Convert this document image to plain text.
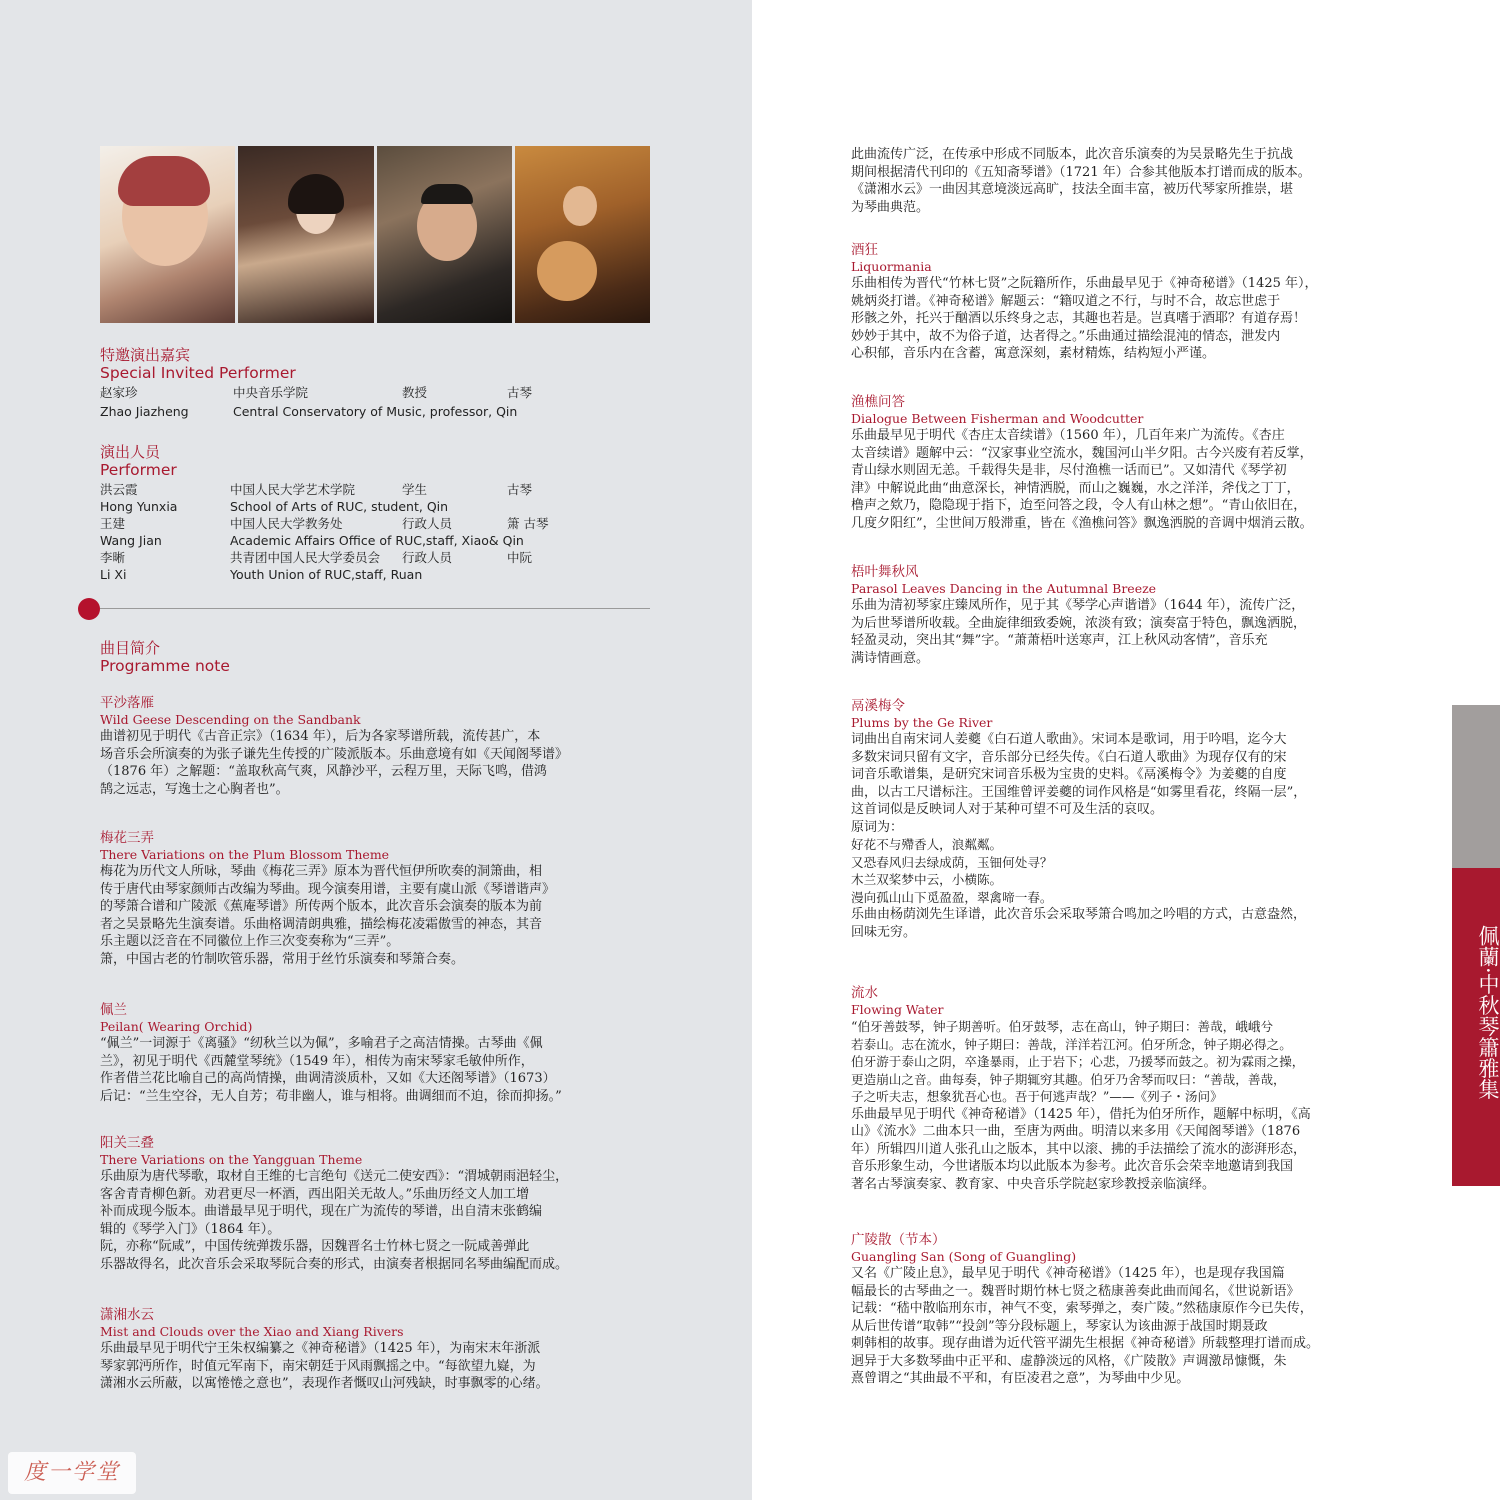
特邀演出嘉宾
Special Invited Performer
赵家珍	中央音乐学院	教授	古琴
Zhao Jiazheng	Central Conservatory of Music, professor, Qin
演出人员
Performer
洪云霞	中国人民大学艺术学院	学生	古琴
Hong Yunxia	School of Arts of RUC, student, Qin
王建	中国人民大学教务处	行政人员	箫 古琴
Wang Jian	Academic Affairs Office of RUC,staff, Xiao& Qin
李晰	共青团中国人民大学委员会 行政人员	中阮
Li Xi	Youth Union of RUC,staff, Ruan
曲目简介
Programme note
平沙落雁
Wild Geese Descending on the Sandbank
曲谱初见于明代《古音正宗》（1634 年），后为各家琴谱所载，流传甚广，本
场音乐会所演奏的为张子谦先生传授的广陵派版本。乐曲意境有如《天闻阁琴谱》
（1876 年）之解题：“盖取秋高气爽，风静沙平，云程万里，天际飞鸣，借鸿
鹄之远志，写逸士之心胸者也”。
梅花三弄
There Variations on the Plum Blossom Theme
梅花为历代文人所咏，琴曲《梅花三弄》原本为晋代恒伊所吹奏的洞箫曲，相
传于唐代由琴家颜师古改编为琴曲。现今演奏用谱，主要有虞山派《琴谱谐声》
的琴箫合谱和广陵派《蕉庵琴谱》所传两个版本，此次音乐会演奏的版本为前
者之吴景略先生演奏谱。乐曲格调清朗典雅，描绘梅花凌霜傲雪的神态，其音
乐主题以泛音在不同徽位上作三次变奏称为“三弄”。
箫，中国古老的竹制吹管乐器，常用于丝竹乐演奏和琴箫合奏。
佩兰
Peilan( Wearing Orchid)
“佩兰”一词源于《离骚》“纫秋兰以为佩”，多喻君子之高洁情操。古琴曲《佩
兰》，初见于明代《西麓堂琴统》（1549 年），相传为南宋琴家毛敏仲所作，
作者借兰花比喻自己的高尚情操，曲调清淡质朴，又如《大还阁琴谱》（1673）
后记：“兰生空谷，无人自芳；苟非幽人，谁与相将。曲调细而不迫，徐而抑扬。”
阳关三叠
There Variations on the Yangguan Theme
乐曲原为唐代琴歌，取材自王维的七言绝句《送元二使安西》：“渭城朝雨浥轻尘，
客舍青青柳色新。劝君更尽一杯酒，西出阳关无故人。”乐曲历经文人加工增
补而成现今版本。曲谱最早见于明代，现在广为流传的琴谱，出自清末张鹤编
辑的《琴学入门》（1864 年）。
阮，亦称“阮咸”，中国传统弹拨乐器，因魏晋名士竹林七贤之一阮咸善弹此
乐器故得名，此次音乐会采取琴阮合奏的形式，由演奏者根据同名琴曲编配而成。
潇湘水云
Mist and Clouds over the Xiao and Xiang Rivers
乐曲最早见于明代宁王朱权编纂之《神奇秘谱》（1425 年），为南宋末年浙派
琴家郭沔所作，时值元军南下，南宋朝廷于风雨飘摇之中。“每欲望九嶷，为
潇湘水云所蔽，以寓惓惓之意也”，表现作者慨叹山河残缺，时事飘零的心绪。
此曲流传广泛，在传承中形成不同版本，此次音乐演奏的为吴景略先生于抗战
期间根据清代刊印的《五知斋琴谱》（1721 年）合参其他版本打谱而成的版本。
《潇湘水云》一曲因其意境淡远高旷，技法全面丰富，被历代琴家所推崇，堪
为琴曲典范。
酒狂
Liquormania
乐曲相传为晋代“竹林七贤”之阮籍所作，乐曲最早见于《神奇秘谱》（1425 年），
姚炳炎打谱。《神奇秘谱》解题云：“籍叹道之不行，与时不合，故忘世虑于
形骸之外，托兴于酗酒以乐终身之志，其趣也若是。岂真嗜于酒耶？有道存焉！
妙妙于其中，故不为俗子道，达者得之。”乐曲通过描绘混沌的情态，泄发内
心积郁，音乐内在含蓄，寓意深刻，素材精炼，结构短小严谨。
渔樵问答
Dialogue Between Fisherman and Woodcutter
乐曲最早见于明代《杏庄太音续谱》（1560 年），几百年来广为流传。《杏庄
太音续谱》题解中云：“汉家事业空流水，魏国河山半夕阳。古今兴废有若反掌，
青山绿水则固无恙。千载得失是非，尽付渔樵一话而已”。又如清代《琴学初
津》中解说此曲“曲意深长，神情洒脱，而山之巍巍，水之洋洋，斧伐之丁丁，
橹声之欸乃，隐隐现于指下，迨至问答之段，令人有山林之想”。“青山依旧在，
几度夕阳红”，尘世间万般滞重，皆在《渔樵问答》飘逸洒脱的音调中烟消云散。
梧叶舞秋风
Parasol Leaves Dancing in the Autumnal Breeze
乐曲为清初琴家庄臻凤所作，见于其《琴学心声谐谱》（1644 年），流传广泛，
为后世琴谱所收载。全曲旋律细致委婉，浓淡有致；演奏富于特色，飘逸洒脱，
轻盈灵动，突出其“舞”字。“萧萧梧叶送寒声，江上秋风动客情”，音乐充
满诗情画意。
鬲溪梅令
Plums by the Ge River
词曲出自南宋词人姜夔《白石道人歌曲》。宋词本是歌词，用于吟唱，迄今大
多数宋词只留有文字，音乐部分已经失传。《白石道人歌曲》为现存仅有的宋
词音乐歌谱集，是研究宋词音乐极为宝贵的史料。《鬲溪梅令》为姜夔的自度
曲，以古工尺谱标注。王国维曾评姜夔的词作风格是“如雾里看花，终隔一层”，
这首词似是反映词人对于某种可望不可及生活的哀叹。
原词为：
好花不与殢香人，浪粼粼。
又恐春风归去绿成荫，玉钿何处寻？
木兰双桨梦中云，小横陈。
漫向孤山山下觅盈盈，翠禽啼一春。
乐曲由杨荫浏先生译谱，此次音乐会采取琴箫合鸣加之吟唱的方式，古意盎然，
回味无穷。
流水
Flowing Water
“伯牙善鼓琴，钟子期善听。伯牙鼓琴，志在高山，钟子期曰：善哉，峨峨兮
若泰山。志在流水，钟子期曰：善哉，洋洋若江河。伯牙所念，钟子期必得之。
伯牙游于泰山之阴，卒逢暴雨，止于岩下；心悲，乃援琴而鼓之。初为霖雨之操，
更造崩山之音。曲每奏，钟子期辄穷其趣。伯牙乃舍琴而叹曰：“善哉，善哉，
子之听夫志，想象犹吾心也。吾于何逃声哉？”——《列子・汤问》
乐曲最早见于明代《神奇秘谱》（1425 年），借托为伯牙所作，题解中标明，《高
山》《流水》二曲本只一曲，至唐为两曲。明清以来多用《天闻阁琴谱》（1876
年）所辑四川道人张孔山之版本，其中以滚、拂的手法描绘了流水的澎湃形态，
音乐形象生动，今世诸版本均以此版本为参考。此次音乐会荣幸地邀请到我国
著名古琴演奏家、教育家、中央音乐学院赵家珍教授亲临演绎。
广陵散（节本）
Guangling San (Song of Guangling)
又名《广陵止息》，最早见于明代《神奇秘谱》（1425 年），也是现存我国篇
幅最长的古琴曲之一。魏晋时期竹林七贤之嵇康善奏此曲而闻名，《世说新语》
记载：“嵇中散临刑东市，神气不变，索琴弹之，奏广陵。”然嵇康原作今已失传，
从后世传谱“取韩”“投剑”等分段标题上，琴家认为该曲源于战国时期聂政
刺韩相的故事。现存曲谱为近代管平湖先生根据《神奇秘谱》所载整理打谱而成。
迥异于大多数琴曲中正平和、虚静淡远的风格，《广陵散》声调激昂慷慨，朱
熹曾谓之“其曲最不平和，有臣凌君之意”，为琴曲中少见。
佩蘭·中秋琴簫雅集
度一学堂
